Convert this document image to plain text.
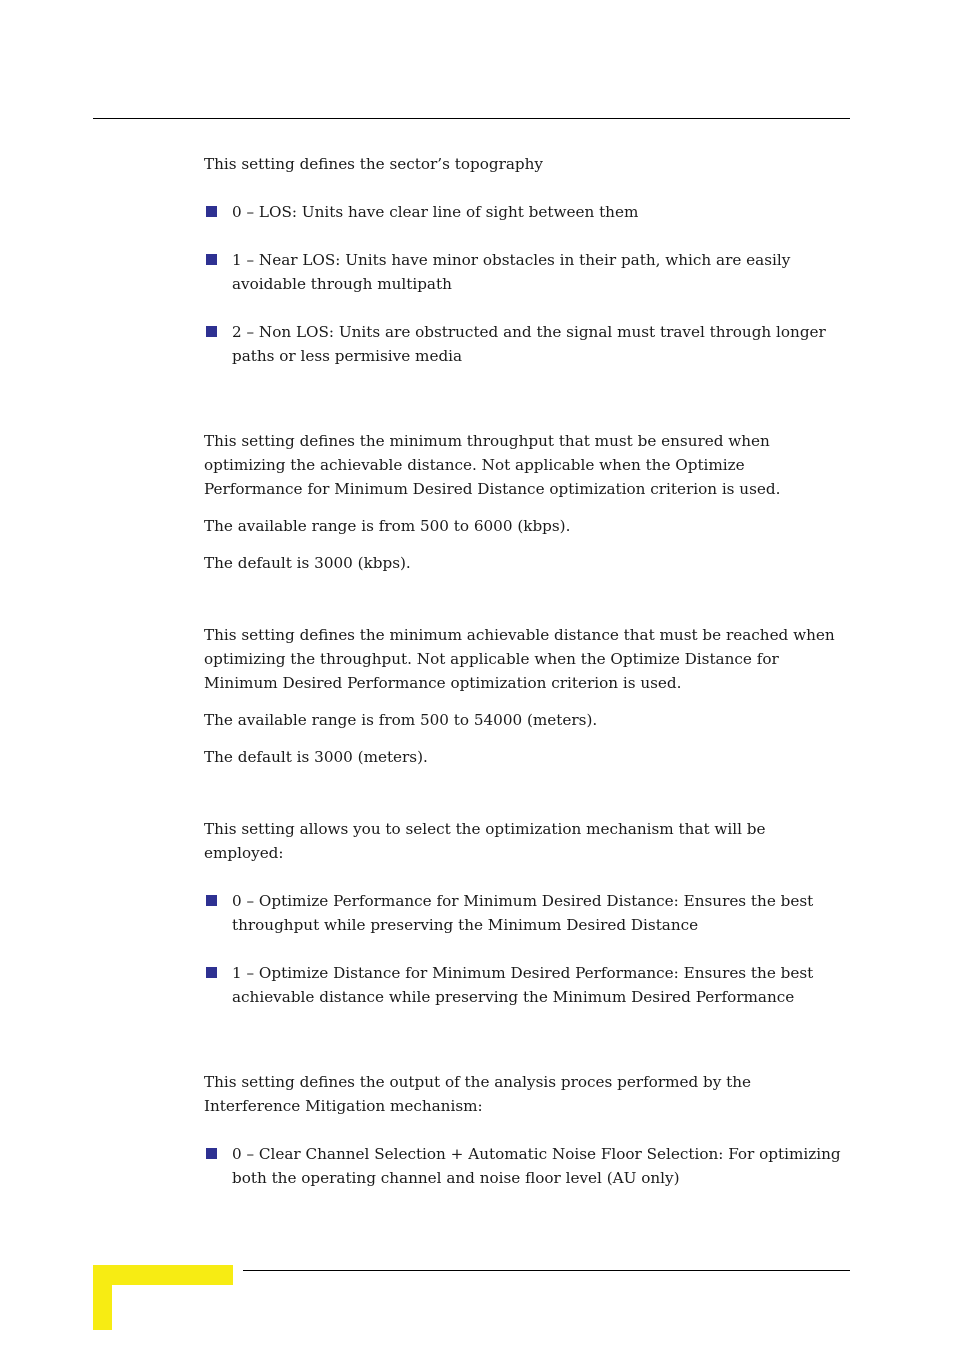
This setting defines the sector’s topography

0 – LOS: Units have clear line of sight between them
1 – Near LOS: Units have minor obstacles in their path, which are easily
avoidable through multipath
2 – Non LOS: Units are obstructed and the signal must travel through longer
paths or less permisive media

This setting defines the minimum throughput that must be ensured when

optimizing the achievable distance. Not applicable when the Optimize

Performance for Minimum Desired Distance optimization criterion is used.

The available range is from 500 to 6000 (kbps).

The default is 3000 (kbps).

This setting defines the minimum achievable distance that must be reached when

optimizing the throughput. Not applicable when the Optimize Distance for

Minimum Desired Performance optimization criterion is used.

The available range is from 500 to 54000 (meters).

The default is 3000 (meters).

This setting allows you to select the optimization mechanism that will be

employed:

0 – Optimize Performance for Minimum Desired Distance: Ensures the best
throughput while preserving the Minimum Desired Distance
1 – Optimize Distance for Minimum Desired Performance: Ensures the best
achievable distance while preserving the Minimum Desired Performance

This setting defines the output of the analysis proces performed by the

Interference Mitigation mechanism:

0 – Clear Channel Selection + Automatic Noise Floor Selection: For optimizing
both the operating channel and noise floor level (AU only)
